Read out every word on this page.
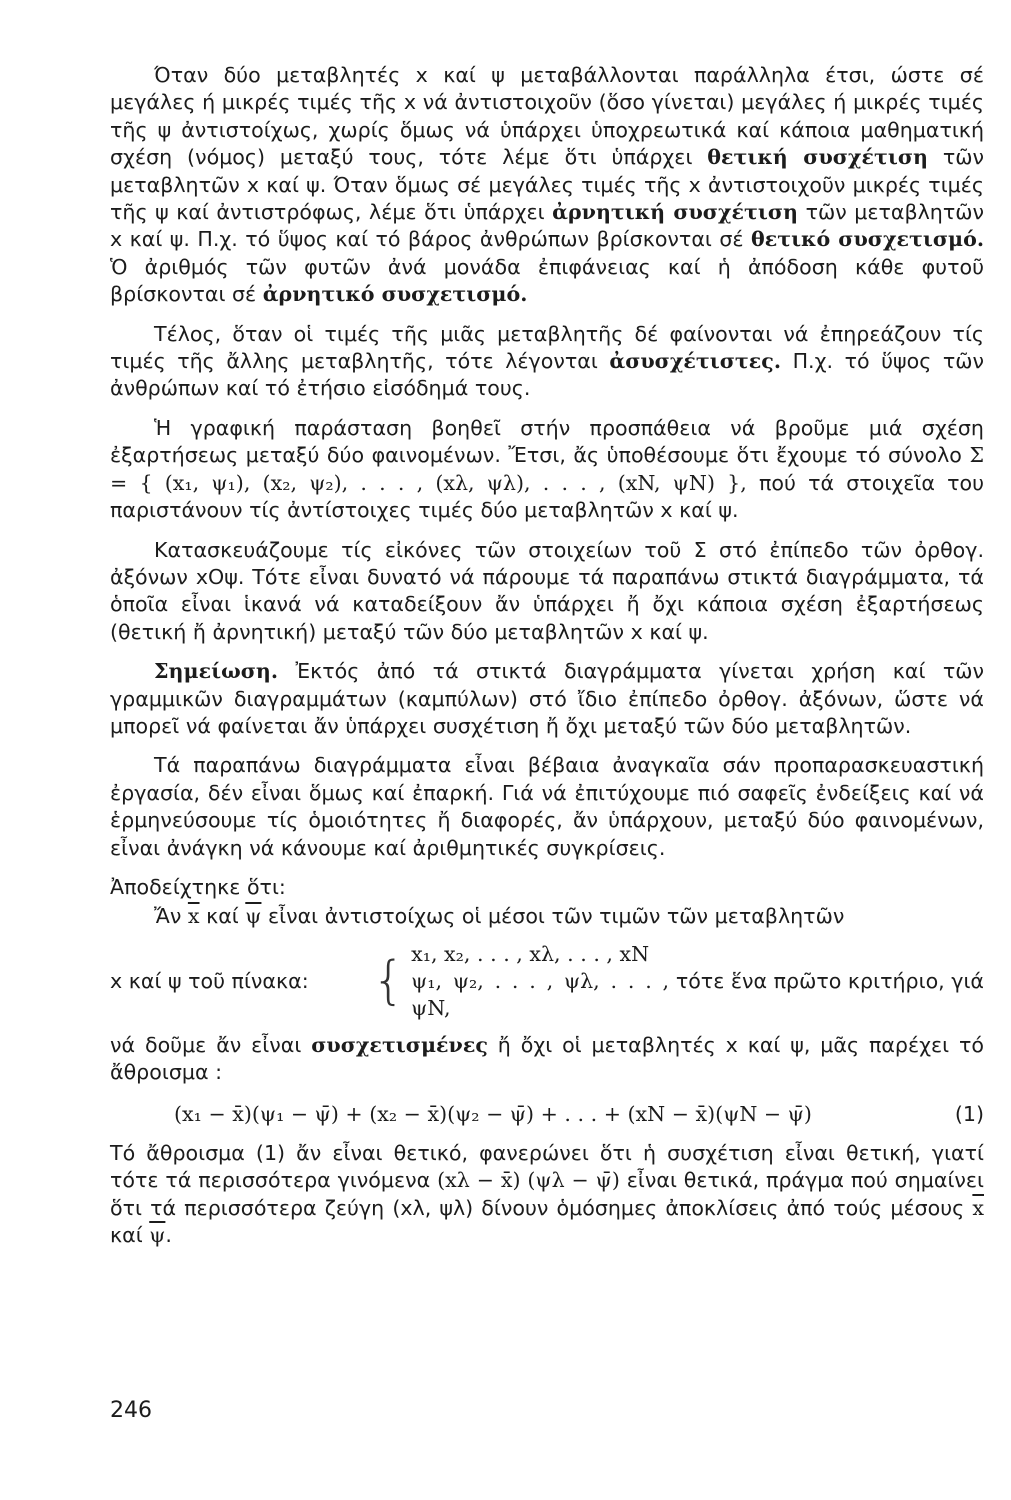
Όταν δύο μεταβλητές x καί ψ μεταβάλλονται παράλληλα έτσι, ώστε σέ μεγάλες ή μικρές τιμές τῆς x νά ἀντιστοιχοῦν (ὅσο γίνεται) μεγάλες ή μικρές τιμές τῆς ψ ἀντιστοίχως, χωρίς ὅμως νά ὑπάρχει ὑποχρεωτικά καί κάποια μαθηματική σχέση (νόμος) μεταξύ τους, τότε λέμε ὅτι ὑπάρχει θετική συσχέτιση τῶν μεταβλητῶν x καί ψ. Όταν ὅμως σέ μεγάλες τιμές τῆς x ἀντιστοιχοῦν μικρές τιμές τῆς ψ καί ἀντιστρόφως, λέμε ὅτι ὑπάρχει ἀρνητική συσχέτιση τῶν μεταβλητῶν x καί ψ. Π.χ. τό ὕψος καί τό βάρος ἀνθρώπων βρίσκονται σέ θετικό συσχετισμό. Ὁ ἀριθμός τῶν φυτῶν ἀνά μονάδα ἐπιφάνειας καί ἡ ἀπόδοση κάθε φυτοῦ βρίσκονται σέ ἀρνητικό συσχετισμό.

Τέλος, ὅταν οἱ τιμές τῆς μιᾶς μεταβλητῆς δέ φαίνονται νά ἐπηρεάζουν τίς τιμές τῆς ἄλλης μεταβλητῆς, τότε λέγονται ἀσυσχέτιστες. Π.χ. τό ὕψος τῶν ἀνθρώπων καί τό ἐτήσιο εἰσόδημά τους.

Ἡ γραφική παράσταση βοηθεῖ στήν προσπάθεια νά βροῦμε μιά σχέση ἐξαρτήσεως μεταξύ δύο φαινομένων. Ἔτσι, ἄς ὑποθέσουμε ὅτι ἔχουμε τό σύνολο Σ = { (x₁, ψ₁), (x₂, ψ₂), . . . , (xλ, ψλ), . . . , (xN, ψN) }, πού τά στοιχεῖα του παριστάνουν τίς ἀντίστοιχες τιμές δύο μεταβλητῶν x καί ψ.

Κατασκευάζουμε τίς εἰκόνες τῶν στοιχείων τοῦ Σ στό ἐπίπεδο τῶν ὀρθογ. ἀξόνων xOψ. Τότε εἶναι δυνατό νά πάρουμε τά παραπάνω στικτά διαγράμματα, τά ὁποῖα εἶναι ἱκανά νά καταδείξουν ἄν ὑπάρχει ἤ ὄχι κάποια σχέση ἐξαρτήσεως (θετική ἤ ἀρνητική) μεταξύ τῶν δύο μεταβλητῶν x καί ψ.

Σημείωση. Ἐκτός ἀπό τά στικτά διαγράμματα γίνεται χρήση καί τῶν γραμμικῶν διαγραμμάτων (καμπύλων) στό ἴδιο ἐπίπεδο ὀρθογ. ἀξόνων, ὥστε νά μπορεῖ νά φαίνεται ἄν ὑπάρχει συσχέτιση ἤ ὄχι μεταξύ τῶν δύο μεταβλητῶν.

Τά παραπάνω διαγράμματα εἶναι βέβαια ἀναγκαῖα σάν προπαρασκευαστική ἐργασία, δέν εἶναι ὅμως καί ἐπαρκή. Γιά νά ἐπιτύχουμε πιό σαφεῖς ἐνδείξεις καί νά ἑρμηνεύσουμε τίς ὁμοιότητες ἤ διαφορές, ἄν ὑπάρχουν, μεταξύ δύο φαινομένων, εἶναι ἀνάγκη νά κάνουμε καί ἀριθμητικές συγκρίσεις.

Ἀποδείχτηκε ὅτι:

Ἄν $\overline{x}$ καί $\overline{\psi}$ εἶναι ἀντιστοίχως οἱ μέσοι τῶν τιμῶν τῶν μεταβλητῶν

x καί ψ τοῦ πίνακα:	{ x₁, x₂, . . . , xλ, . . . , xN
ψ₁, ψ₂, . . . , ψλ, . . . , ψN,
τότε ἕνα πρῶτο κριτήριο, γιά

νά δοῦμε ἄν εἶναι συσχετισμένες ἤ ὄχι οἱ μεταβλητές x καί ψ, μᾶς παρέχει τό ἄθροισμα :

(x₁ − x̄)(ψ₁ − ψ̄) + (x₂ − x̄)(ψ₂ − ψ̄) + . . . + (xN − x̄)(ψN − ψ̄)	(1)

Τό ἄθροισμα (1) ἄν εἶναι θετικό, φανερώνει ὅτι ἡ συσχέτιση εἶναι θετική, γιατί τότε τά περισσότερα γινόμενα (xλ − x̄) (ψλ − ψ̄) εἶναι θετικά, πράγμα πού σημαίνει ὅτι τά περισσότερα ζεύγη (xλ, ψλ) δίνουν ὁμόσημες ἀποκλίσεις ἀπό τούς μέσους $\overline{x}$ καί $\overline{\psi}$.

246
